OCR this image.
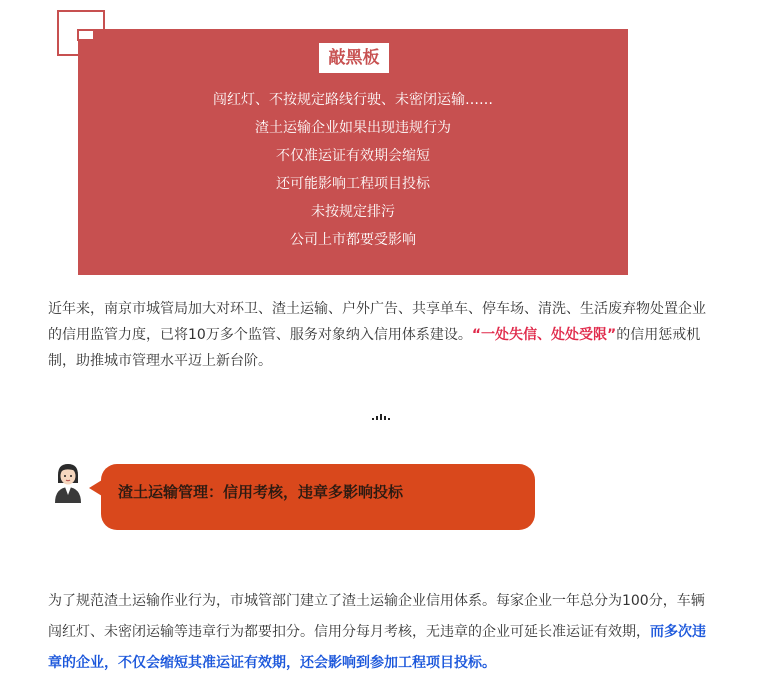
敲黑板
闯红灯、不按规定路线行驶、未密闭运输……
渣土运输企业如果出现违规行为
不仅准运证有效期会缩短
还可能影响工程项目投标
未按规定排污
公司上市都要受影响
近年来，南京市城管局加大对环卫、渣土运输、户外广告、共享单车、停车场、清洗、生活废弃物处置企业的信用监管力度，已将10万多个监管、服务对象纳入信用体系建设。“一处失信、处处受限”的信用惩戒机制，助推城市管理水平迈上新台阶。
渣土运输管理：信用考核，违章多影响投标
为了规范渣土运输作业行为，市城管部门建立了渣土运输企业信用体系。每家企业一年总分为100分，车辆闯红灯、未密闭运输等违章行为都要扣分。信用分每月考核，无违章的企业可延长准运证有效期，而多次违章的企业，不仅会缩短其准运证有效期，还会影响到参加工程项目投标。
